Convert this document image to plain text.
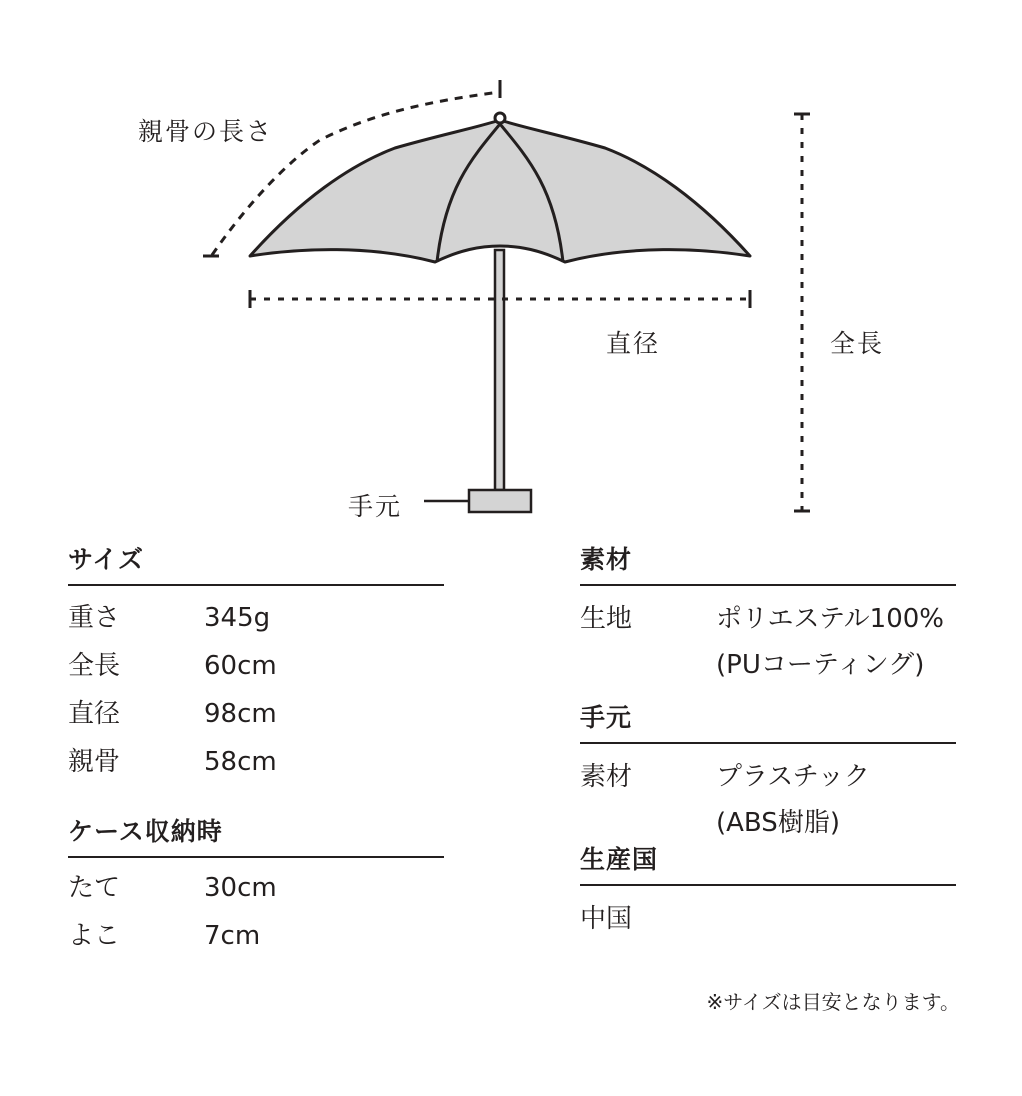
親骨の長さ
直径	全長
手元
サイズ
重さ	345g
全長	60cm
直径	98cm
親骨	58cm
ケース収納時
たて	30cm
よこ	7cm
素材
生地	ポリエステル100%
(PUコーティング)
手元
素材	プラスチック
(ABS樹脂)
生産国
中国
※サイズは目安となります。
